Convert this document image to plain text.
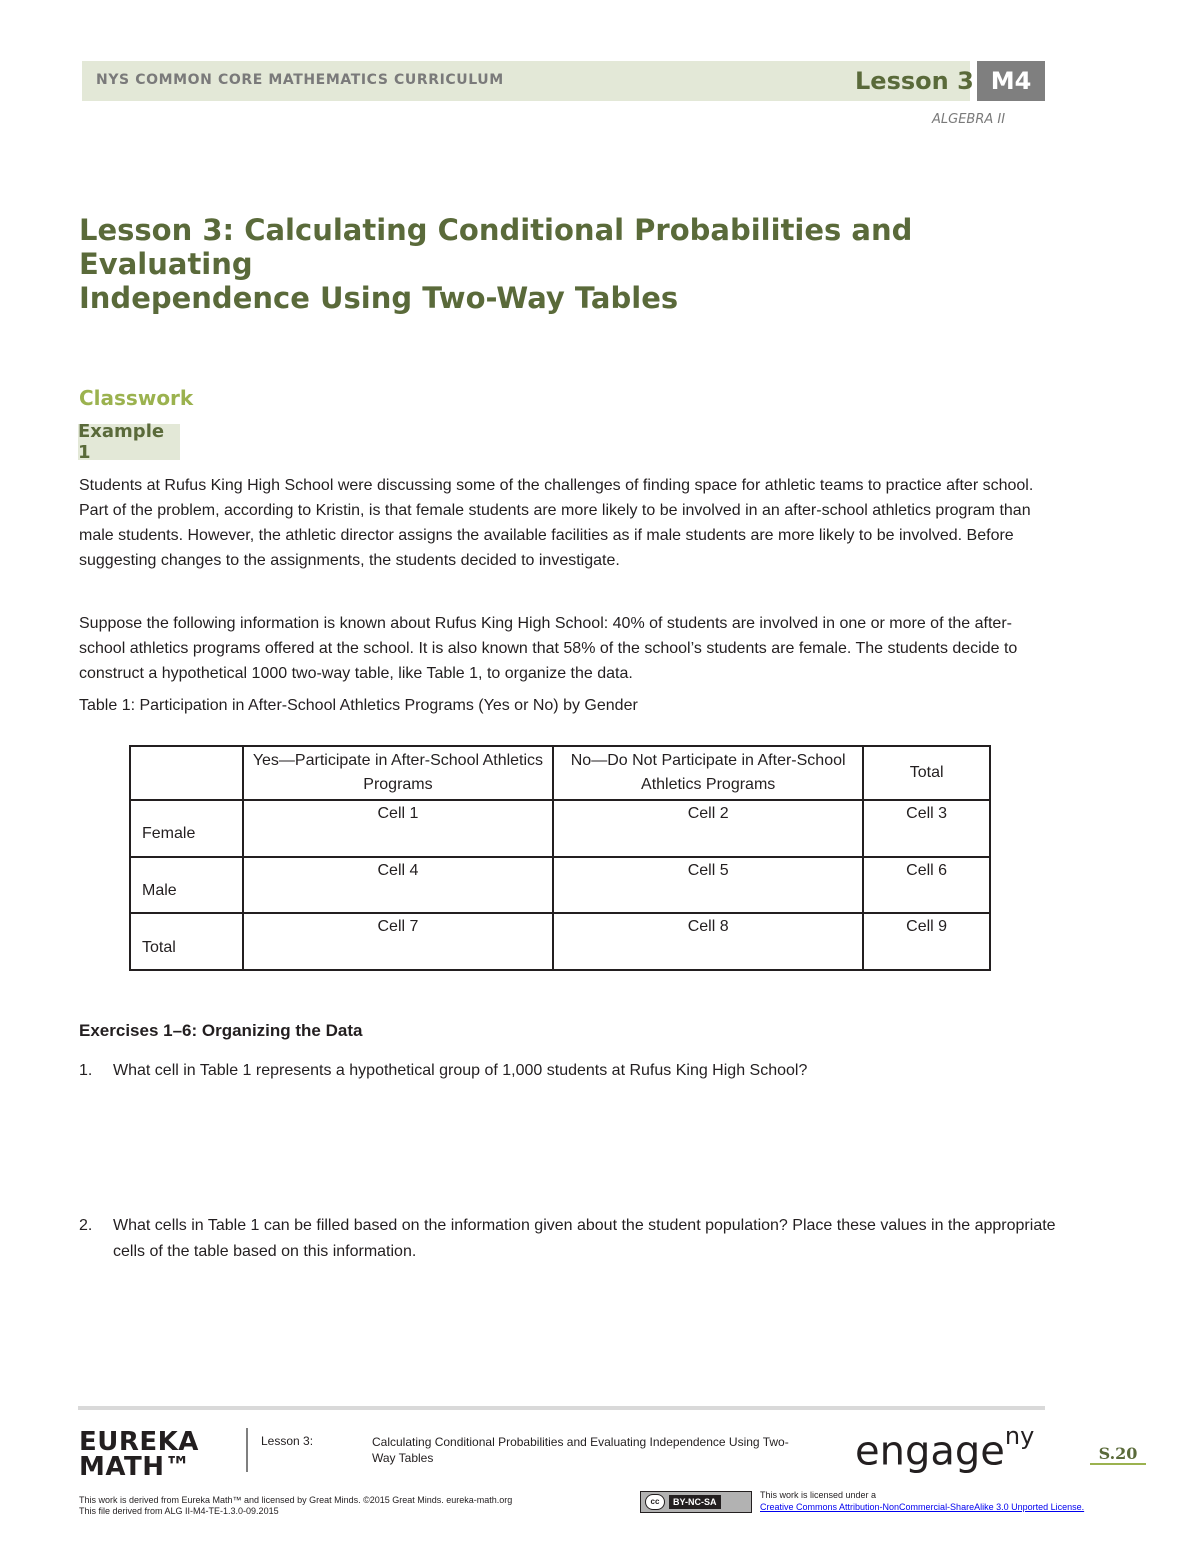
NYS COMMON CORE MATHEMATICS CURRICULUM	Lesson 3 M4
ALGEBRA II
Lesson 3: Calculating Conditional Probabilities and Evaluating
Independence Using Two-Way Tables
Classwork
Example 1
Students at Rufus King High School were discussing some of the challenges of finding space for athletic teams to practice after school. Part of the problem, according to Kristin, is that female students are more likely to be involved in an after-school athletics program than male students. However, the athletic director assigns the available facilities as if male students are more likely to be involved. Before suggesting changes to the assignments, the students decided to investigate.
Suppose the following information is known about Rufus King High School: 40% of students are involved in one or more of the after-school athletics programs offered at the school. It is also known that 58% of the school’s students are female. The students decide to construct a hypothetical 1000 two-way table, like Table 1, to organize the data.
Table 1: Participation in After-School Athletics Programs (Yes or No) by Gender
	Yes—Participate in After-School Athletics Programs	No—Do Not Participate in After-School Athletics Programs	Total
Female	Cell 1	Cell 2	Cell 3
Male	Cell 4	Cell 5	Cell 6
Total	Cell 7	Cell 8	Cell 9
Exercises 1–6: Organizing the Data
1. What cell in Table 1 represents a hypothetical group of 1,000 students at Rufus King High School?
2. What cells in Table 1 can be filled based on the information given about the student population? Place these values in the appropriate cells of the table based on this information.
EUREKA
MATH™
Lesson 3:	Calculating Conditional Probabilities and Evaluating Independence Using Two-Way Tables	engage$^{ny}$
S.20
This work is derived from Eureka Math™ and licensed by Great Minds. ©2015 Great Minds. eureka-math.org
This file derived from ALG II-M4-TE-1.3.0-09.2015
cc	BY-NC-SA
This work is licensed under a
Creative Commons Attribution-NonCommercial-ShareAlike 3.0 Unported License.
